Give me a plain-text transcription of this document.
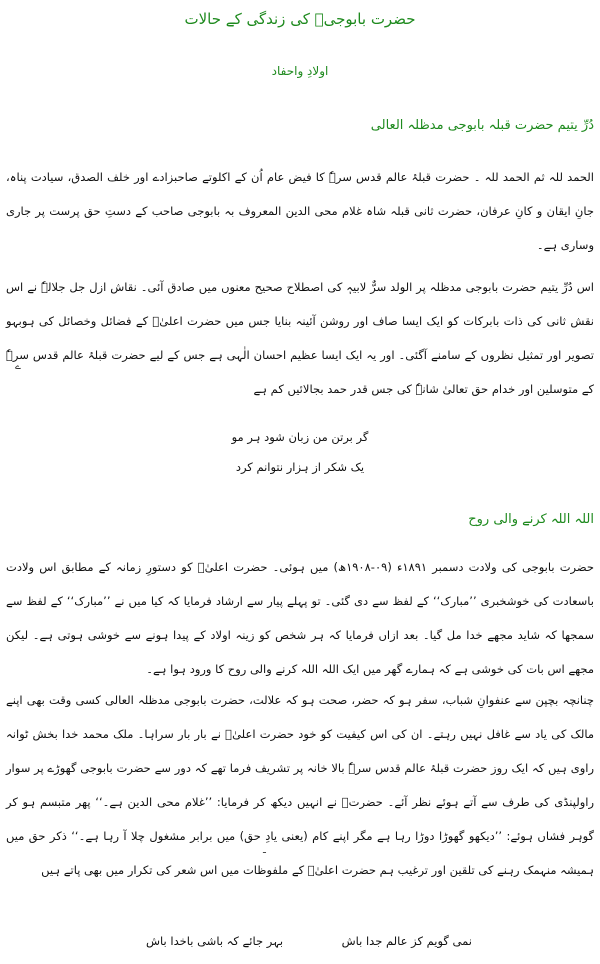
حضرت بابوجیؒ کی زندگی کے حالات
اولادِ واحفاد
دُرِّ یتیم حضرت قبلہ بابوجی مدظلہ العالی
الحمد للہ ثم الحمد للہ ۔ حضرت قبلۂ عالم قدس سرہٗ کا فیض عام اُن کے اکلوتے صاحبزادے اور خلف الصدق، سیادت پناہ، جانِ ایقان و کانِ عرفان، حضرت ثانی قبلہ شاہ غلام محی الدین المعروف بہ بابوجی صاحب کے دستِ حق پرست پر جاری وساری ہے۔
اس دُرِّ یتیم حضرت بابوجی مدظلہ پر الولد سرٌّ لابیہٖ کی اصطلاح صحیح معنوں میں صادق آئی۔ نقاش ازل جل جلالہٗ نے اس نقش ثانی کی ذات بابرکات کو ایک ایسا صاف اور روشن آئینہ بنایا جس میں حضرت اعلیٰؒ کے فضائل وخصائل کی ہوبہو تصویر اور تمثیل نظروں کے سامنے آگئی۔ اور یہ ایک ایسا عظیم احسان الٰہی ہے جس کے لیے حضرت قبلۂ عالم قدس سرہٗ کے متوسلین اور خدام حق تعالیٰ شانہٗ کی جس قدر حمد بجالائیں کم ہے
ے
گر برتن من زبان شود ہر مو
یک شکر از ہزار نتوانم کرد
اللہ اللہ کرنے والی روح
حضرت بابوجی کی ولادت دسمبر ۱۸۹۱ء (۰۹-۱۹۰۸ھ) میں ہوئی۔ حضرت اعلیٰؒ کو دستورِ زمانہ کے مطابق اس ولادت باسعادت کی خوشخبری ’’مبارک‘‘ کے لفظ سے دی گئی۔ تو پہلے پیار سے ارشاد فرمایا کہ کیا میں نے ’’مبارک‘‘ کے لفظ سے سمجھا کہ شاید مجھے خدا مل گیا۔ بعد ازاں فرمایا کہ ہر شخص کو زینہ اولاد کے پیدا ہونے سے خوشی ہوتی ہے۔ لیکن مجھے اس بات کی خوشی ہے کہ ہمارے گھر میں ایک اللہ اللہ کرنے والی روح کا ورود ہوا ہے۔
چنانچہ بچپن سے عنفوانِ شباب، سفر ہو کہ حضر، صحت ہو کہ علالت، حضرت بابوجی مدظلہ العالی کسی وقت بھی اپنے مالک کی یاد سے غافل نہیں رہتے۔ ان کی اس کیفیت کو خود حضرت اعلیٰؒ نے بار بار سراہا۔ ملک محمد خدا بخش ٹوانہ راوی ہیں کہ ایک روز حضرت قبلۂ عالم قدس سرہٗ بالا خانہ پر تشریف فرما تھے کہ دور سے حضرت بابوجی گھوڑے پر سوار راولپنڈی کی طرف سے آتے ہوئے نظر آئے۔ حضرتؒ نے انہیں دیکھ کر فرمایا: ’’غلام محی الدین ہے۔‘‘ پھر متبسم ہو کر گوہر فشاں ہوئے: ’’دیکھو گھوڑا دوڑا رہا ہے مگر اپنے کام (یعنی یادِ حق) میں برابر مشغول چلا آ رہا ہے۔‘‘ ذکر حق میں ہمیشہ منہمک رہنے کی تلقین اور ترغیب ہم حضرت اعلیٰؒ کے ملفوظات میں اس شعر کی تکرار میں بھی پاتے ہیں
ـ
نمی گویم کز عالم جدا باش
بہر جائے کہ باشی باخدا باش
